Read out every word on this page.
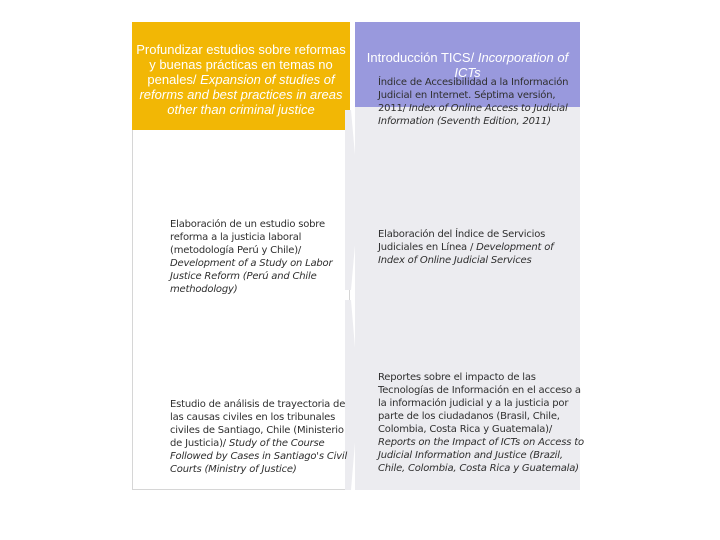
Profundizar estudios sobre reformas y buenas prácticas en temas no penales/ Expansion of studies of reforms and best practices in areas other than criminal justice
Introducción TICS/ Incorporation of ICTs
Elaboración de un estudio sobre reforma a la justicia laboral (metodología Perú y Chile)/ Development of a Study on Labor Justice Reform (Perú and Chile methodology)
Estudio de análisis de trayectoria de las causas civiles en los tribunales civiles de Santiago, Chile (Ministerio de Justicia)/ Study of the Course Followed by Cases in Santiago's Civil Courts (Ministry of Justice)
Índice de Accesibilidad a la Información Judicial en Internet. Séptima versión, 2011/ Index of Online Access to Judicial Information (Seventh Edition, 2011)
Elaboración del Índice de Servicios Judiciales en Línea / Development of Index of Online Judicial Services
Reportes sobre el impacto de las Tecnologías de Información en el acceso a la información judicial y a la justicia por parte de los ciudadanos (Brasil, Chile, Colombia, Costa Rica y Guatemala)/ Reports on the Impact of ICTs on Access to Judicial Information and Justice (Brazil, Chile, Colombia, Costa Rica y Guatemala)
